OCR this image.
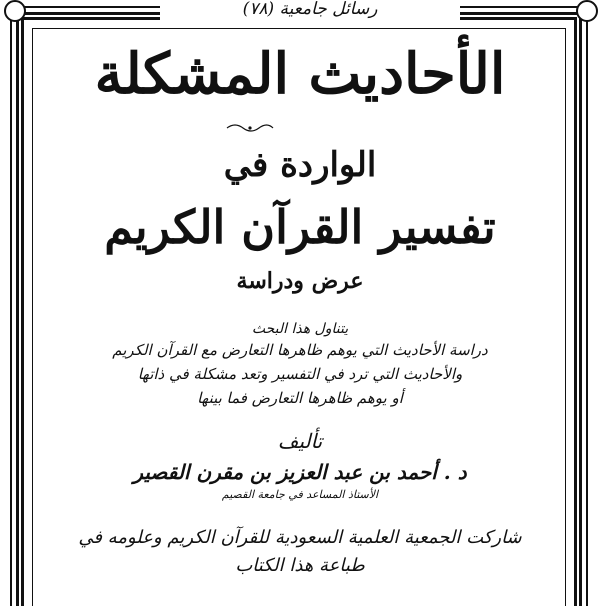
رسائل جامعية (٧٨)
الأحاديث المشكلة
الواردة في
تفسير القرآن الكريم
عرض ودراسة
يتناول هذا البحث
دراسة الأحاديث التي يوهم ظاهرها التعارض مع القرآن الكريم
والأحاديث التي ترد في التفسير وتعد مشكلة في ذاتها
أو يوهم ظاهرها التعارض فما بينها
تأليف
د . أحمد بن عبد العزيز بن مقرن القصير
الأستاذ المساعد في جامعة القصيم
شاركت الجمعية العلمية السعودية للقرآن الكريم وعلومه في
طباعة هذا الكتاب
